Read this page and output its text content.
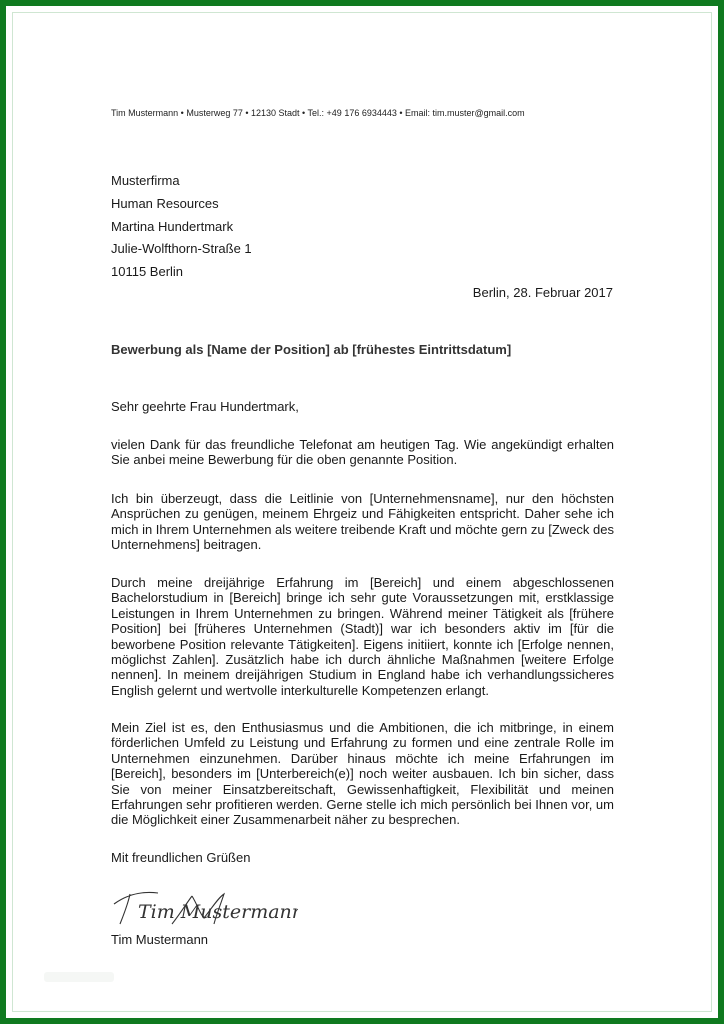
Tim Mustermann • Musterweg 77 • 12130 Stadt • Tel.: +49 176 6934443 • Email: tim.muster@gmail.com
Musterfirma
Human Resources
Martina Hundertmark
Julie-Wolfthorn-Straße 1
10115 Berlin
Berlin, 28. Februar 2017
Bewerbung als [Name der Position] ab [frühestes Eintrittsdatum]
Sehr geehrte Frau Hundertmark,
vielen Dank für das freundliche Telefonat am heutigen Tag. Wie angekündigt erhalten Sie anbei meine Bewerbung für die oben genannte Position.
Ich bin überzeugt, dass die Leitlinie von [Unternehmensname], nur den höchsten Ansprüchen zu genügen, meinem Ehrgeiz und Fähigkeiten entspricht. Daher sehe ich mich in Ihrem Unternehmen als weitere treibende Kraft und möchte gern zu [Zweck des Unternehmens] beitragen.
Durch meine dreijährige Erfahrung im [Bereich] und einem abgeschlossenen Bachelorstudium in [Bereich] bringe ich sehr gute Voraussetzungen mit, erstklassige Leistungen in Ihrem Unternehmen zu bringen. Während meiner Tätigkeit als [frühere Position] bei [früheres Unternehmen (Stadt)] war ich besonders aktiv im [für die beworbene Position relevante Tätigkeiten]. Eigens initiiert, konnte ich [Erfolge nennen, möglichst Zahlen]. Zusätzlich habe ich durch ähnliche Maßnahmen [weitere Erfolge nennen]. In meinem dreijährigen Studium in England habe ich verhandlungssicheres English gelernt und wertvolle interkulturelle Kompetenzen erlangt.
Mein Ziel ist es, den Enthusiasmus und die Ambitionen, die ich mitbringe, in einem förderlichen Umfeld zu Leistung und Erfahrung zu formen und eine zentrale Rolle im Unternehmen einzunehmen. Darüber hinaus möchte ich meine Erfahrungen im [Bereich], besonders im [Unterbereich(e)] noch weiter ausbauen. Ich bin sicher, dass Sie von meiner Einsatzbereitschaft, Gewissenhaftigkeit, Flexibilität und meinen Erfahrungen sehr profitieren werden. Gerne stelle ich mich persönlich bei Ihnen vor, um die Möglichkeit einer Zusammenarbeit näher zu besprechen.
Mit freundlichen Grüßen
Tim Mustermann
Tim Mustermann
